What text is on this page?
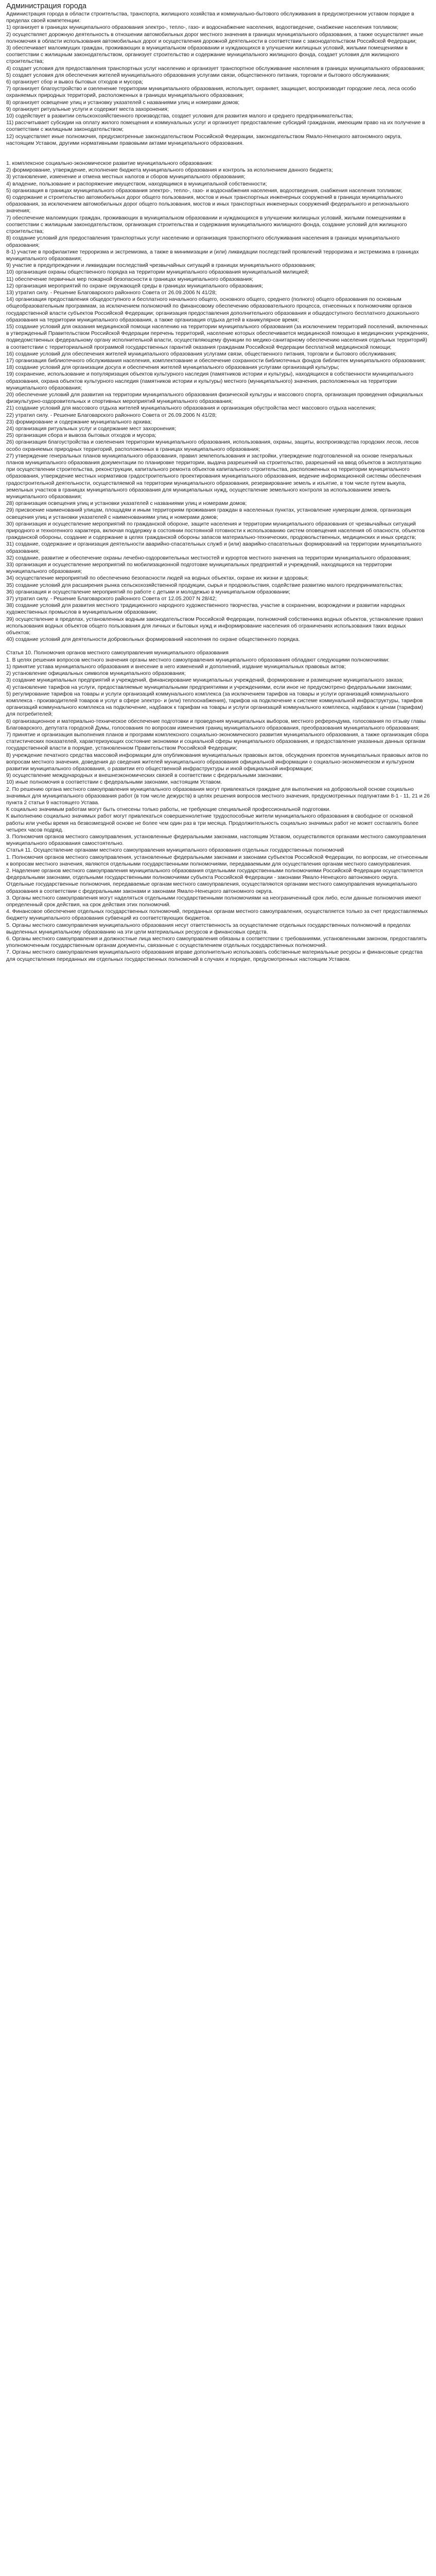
Администрация города

Администрация города в области строительства, транспорта, жилищного хозяйства и коммунально-бытового обслуживания в предусмотренном уставом порядке в пределах своей компетенции:

1) организует в границах муниципального образования электро-, тепло-, газо- и водоснабжение населения, водоотведение, снабжение населения топливом;

2) осуществляет дорожную деятельность в отношении автомобильных дорог местного значения в границах муниципального образования, а также осуществляет иные полномочия в области использования автомобильных дорог и осуществления дорожной деятельности в соответствии с законодательством Российской Федерации;

3) обеспечивает малоимущих граждан, проживающих в муниципальном образовании и нуждающихся в улучшении жилищных условий, жилыми помещениями в соответствии с жилищным законодательством, организует строительство и содержание муниципального жилищного фонда, создает условия для жилищного строительства;

4) создает условия для предоставления транспортных услуг населению и организует транспортное обслуживание населения в границах муниципального образования;

5) создает условия для обеспечения жителей муниципального образования услугами связи, общественного питания, торговли и бытового обслуживания;

6) организует сбор и вывоз бытовых отходов и мусора;

7) организует благоустройство и озеленение территории муниципального образования, использует, охраняет, защищает, воспроизводит городские леса, леса особо охраняемых природных территорий, расположенных в границах муниципального образования;

8) организует освещение улиц и установку указателей с названиями улиц и номерами домов;

9) организует ритуальные услуги и содержит места захоронения;

10) содействует в развитии сельскохозяйственного производства, создает условия для развития малого и среднего предпринимательства;

11) рассчитывает субсидии на оплату жилого помещения и коммунальных услуг и организует предоставление субсидий гражданам, имеющим право на их получение в соответствии с жилищным законодательством;

12) осуществляет иные полномочия, предусмотренные законодательством Российской Федерации, законодательством Ямало-Ненецкого автономного округа, настоящим Уставом, другими нормативными правовыми актами муниципального образования.

1. комплексное социально-экономическое развитие муниципального образования:

2) формирование, утверждение, исполнение бюджета муниципального образования и контроль за исполнением данного бюджета;

3) установление, изменение и отмена местных налогов и сборов муниципального образования;

4) владение, пользование и распоряжение имуществом, находящимся в муниципальной собственности;

5) организация в границах муниципального образования электро-, тепло-, газо- и водоснабжения населения, водоотведения, снабжения населения топливом;

6) содержание и строительство автомобильных дорог общего пользования, мостов и иных транспортных инженерных сооружений в границах муниципального образования, за исключением автомобильных дорог общего пользования, мостов и иных транспортных инженерных сооружений федерального и регионального значения;

7) обеспечение малоимущих граждан, проживающих в муниципальном образовании и нуждающихся в улучшении жилищных условий, жилыми помещениями в соответствии с жилищным законодательством, организация строительства и содержания муниципального жилищного фонда, создание условий для жилищного строительства;

8) создание условий для предоставления транспортных услуг населению и организация транспортного обслуживания населения в границах муниципального образования;

8-1) участие в профилактике терроризма и экстремизма, а также в минимизации и (или) ликвидации последствий проявлений терроризма и экстремизма в границах муниципального образования;

9) участие в предупреждении и ликвидации последствий чрезвычайных ситуаций в границах муниципального образования;

10) организация охраны общественного порядка на территории муниципального образования муниципальной милицией;

11) обеспечение первичных мер пожарной безопасности в границах муниципального образования;

12) организация мероприятий по охране окружающей среды в границах муниципального образования;

13) утратил силу. - Решение Благоварского районного Совета от 26.09.2006 N 41/28;

14) организация предоставления общедоступного и бесплатного начального общего, основного общего, среднего (полного) общего образования по основным общеобразовательным программам, за исключением полномочий по финансовому обеспечению образовательного процесса, отнесенных к полномочиям органов государственной власти субъектов Российской Федерации; организация предоставления дополнительного образования и общедоступного бесплатного дошкольного образования на территории муниципального образования, а также организация отдыха детей в каникулярное время;

15) создание условий для оказания медицинской помощи населению на территории муниципального образования (за исключением территорий поселений, включенных в утвержденный Правительством Российской Федерации перечень территорий, население которых обеспечивается медицинской помощью в медицинских учреждениях, подведомственных федеральному органу исполнительной власти, осуществляющему функции по медико-санитарному обеспечению населения отдельных территорий) в соответствии с территориальной программой государственных гарантий оказания гражданам Российской Федерации бесплатной медицинской помощи;

16) создание условий для обеспечения жителей муниципального образования услугами связи, общественного питания, торговли и бытового обслуживания;

17) организация библиотечного обслуживания населения, комплектование и обеспечение сохранности библиотечных фондов библиотек муниципального образования;

18) создание условий для организации досуга и обеспечения жителей муниципального образования услугами организаций культуры;

19) сохранение, использование и популяризация объектов культурного наследия (памятников истории и культуры), находящихся в собственности муниципального образования, охрана объектов культурного наследия (памятников истории и культуры) местного (муниципального) значения, расположенных на территории муниципального образования;

20) обеспечение условий для развития на территории муниципального образования физической культуры и массового спорта, организация проведения официальных физкультурно-оздоровительных и спортивных мероприятий муниципального образования;

21) создание условий для массового отдыха жителей муниципального образования и организация обустройства мест массового отдыха населения;

22) утратил силу. - Решение Благоварского районного Совета от 26.09.2006 N 41/28;

23) формирование и содержание муниципального архива;

24) организация ритуальных услуг и содержание мест захоронения;

25) организация сбора и вывоза бытовых отходов и мусора;

26) организация благоустройства и озеленения территории муниципального образования, использования, охраны, защиты, воспроизводства городских лесов, лесов особо охраняемых природных территорий, расположенных в границах муниципального образования;

27) утверждение генеральных планов муниципального образования, правил землепользования и застройки, утверждение подготовленной на основе генеральных планов муниципального образования документации по планировке территории, выдача разрешений на строительство, разрешений на ввод объектов в эксплуатацию при осуществлении строительства, реконструкции, капитального ремонта объектов капитального строительства, расположенных на территории муниципального образования, утверждение местных нормативов градостроительного проектирования муниципального образования, ведение информационной системы обеспечения градостроительной деятельности, осуществляемой на территории муниципального образования, резервирование земель и изъятие, в том числе путем выкупа, земельных участков в границах муниципального образования для муниципальных нужд, осуществление земельного контроля за использованием земель муниципального образования;

28) организация освещения улиц и установки указателей с названиями улиц и номерами домов;

29) присвоение наименований улицам, площадям и иным территориям проживания граждан в населенных пунктах, установление нумерации домов, организация освещения улиц и установки указателей с наименованиями улиц и номерами домов;

30) организация и осуществление мероприятий по гражданской обороне, защите населения и территории муниципального образования от чрезвычайных ситуаций природного и техногенного характера, включая поддержку в состоянии постоянной готовности к использованию систем оповещения населения об опасности, объектов гражданской обороны, создание и содержание в целях гражданской обороны запасов материально-технических, продовольственных, медицинских и иных средств;

31) создание, содержание и организация деятельности аварийно-спасательных служб и (или) аварийно-спасательных формирований на территории муниципального образования;

32) создание, развитие и обеспечение охраны лечебно-оздоровительных местностей и курортов местного значения на территории муниципального образования;

33) организация и осуществление мероприятий по мобилизационной подготовке муниципальных предприятий и учреждений, находящихся на территории муниципального образования;

34) осуществление мероприятий по обеспечению безопасности людей на водных объектах, охране их жизни и здоровья;

35) создание условий для расширения рынка сельскохозяйственной продукции, сырья и продовольствия, содействие развитию малого предпринимательства;

36) организация и осуществление мероприятий по работе с детьми и молодежью в муниципальном образовании;

37) утратил силу. - Решение Благоварского районного Совета от 12.05.2007 N 28/42;

38) создание условий для развития местного традиционного народного художественного творчества, участие в сохранении, возрождении и развитии народных художественных промыслов в муниципальном образовании;

39) осуществление в пределах, установленных водным законодательством Российской Федерации, полномочий собственника водных объектов, установление правил использования водных объектов общего пользования для личных и бытовых нужд и информирование населения об ограничениях использования таких водных объектов;

40) создание условий для деятельности добровольных формирований населения по охране общественного порядка.

Статья 10. Полномочия органов местного самоуправления муниципального образования

1. В целях решения вопросов местного значения органы местного самоуправления муниципального образования обладают следующими полномочиями:

1) принятие устава муниципального образования и внесение в него изменений и дополнений, издание муниципальных правовых актов;

2) установление официальных символов муниципального образования;

3) создание муниципальных предприятий и учреждений, финансирование муниципальных учреждений, формирование и размещение муниципального заказа;

4) установление тарифов на услуги, предоставляемые муниципальными предприятиями и учреждениями, если иное не предусмотрено федеральными законами;

5) регулирование тарифов на товары и услуги организаций коммунального комплекса (за исключением тарифов на товары и услуги организаций коммунального комплекса - производителей товаров и услуг в сфере электро- и (или) теплоснабжения), тарифов на подключение к системе коммунальной инфраструктуры, тарифов организаций коммунального комплекса на подключение, надбавок к тарифам на товары и услуги организаций коммунального комплекса, надбавок к ценам (тарифам) для потребителей;

6) организационное и материально-техническое обеспечение подготовки и проведения муниципальных выборов, местного референдума, голосования по отзыву главы Благоварского, депутата городской Думы, голосования по вопросам изменения границ муниципального образования, преобразования муниципального образования;

7) принятие и организация выполнения планов и программ комплексного социально-экономического развития муниципального образования, а также организация сбора статистических показателей, характеризующих состояние экономики и социальной сферы муниципального образования, и предоставление указанных данных органам государственной власти в порядке, установленном Правительством Российской Федерации;

8) учреждение печатного средства массовой информации для опубликования муниципальных правовых актов, обсуждения проектов муниципальных правовых актов по вопросам местного значения, доведения до сведения жителей муниципального образования официальной информации о социально-экономическом и культурном развитии муниципального образования, о развитии его общественной инфраструктуры и иной официальной информации;

9) осуществление международных и внешнеэкономических связей в соответствии с федеральными законами;

10) иные полномочия в соответствии с федеральными законами, настоящим Уставом.

2. По решению органа местного самоуправления муниципального образования могут привлекаться граждане для выполнения на добровольной основе социально значимых для муниципального образования работ (в том числе дежурств) в целях решения вопросов местного значения, предусмотренных подпунктами 8-1 - 11, 21 и 26 пункта 2 статьи 9 настоящего Устава.

К социально значимым работам могут быть отнесены только работы, не требующие специальной профессиональной подготовки.

К выполнению социально значимых работ могут привлекаться совершеннолетние трудоспособные жители муниципального образования в свободное от основной работы или учебы время на безвозмездной основе не более чем один раз в три месяца. Продолжительность социально значимых работ не может составлять более четырех часов подряд.

3. Полномочия органов местного самоуправления, установленные федеральными законами, настоящим Уставом, осуществляются органами местного самоуправления муниципального образования самостоятельно.

Статья 11. Осуществление органами местного самоуправления муниципального образования отдельных государственных полномочий

1. Полномочия органов местного самоуправления, установленные федеральными законами и законами субъектов Российской Федерации, по вопросам, не отнесенным к вопросам местного значения, являются отдельными государственными полномочиями, передаваемыми для осуществления органам местного самоуправления.

2. Наделение органов местного самоуправления муниципального образования отдельными государственными полномочиями Российской Федерации осуществляется федеральными законами, отдельными государственными полномочиями субъекта Российской Федерации - законами Ямало-Ненецкого автономного округа.

Отдельные государственные полномочия, передаваемые органам местного самоуправления, осуществляются органами местного самоуправления муниципального образования в соответствии с федеральными законами и законами Ямало-Ненецкого автономного округа.

3. Органы местного самоуправления могут наделяться отдельными государственными полномочиями на неограниченный срок либо, если данные полномочия имеют определенный срок действия, на срок действия этих полномочий.

4. Финансовое обеспечение отдельных государственных полномочий, переданных органам местного самоуправления, осуществляется только за счет предоставляемых бюджету муниципального образования субвенций из соответствующих бюджетов.

5. Органы местного самоуправления муниципального образования несут ответственность за осуществление отдельных государственных полномочий в пределах выделенных муниципальному образованию на эти цели материальных ресурсов и финансовых средств.

6. Органы местного самоуправления и должностные лица местного самоуправления обязаны в соответствии с требованиями, установленными законом, предоставлять уполномоченным государственным органам документы, связанные с осуществлением отдельных государственных полномочий.

7. Органы местного самоуправления муниципального образования вправе дополнительно использовать собственные материальные ресурсы и финансовые средства для осуществления переданных им отдельных государственных полномочий в случаях и порядке, предусмотренных настоящим Уставом.
